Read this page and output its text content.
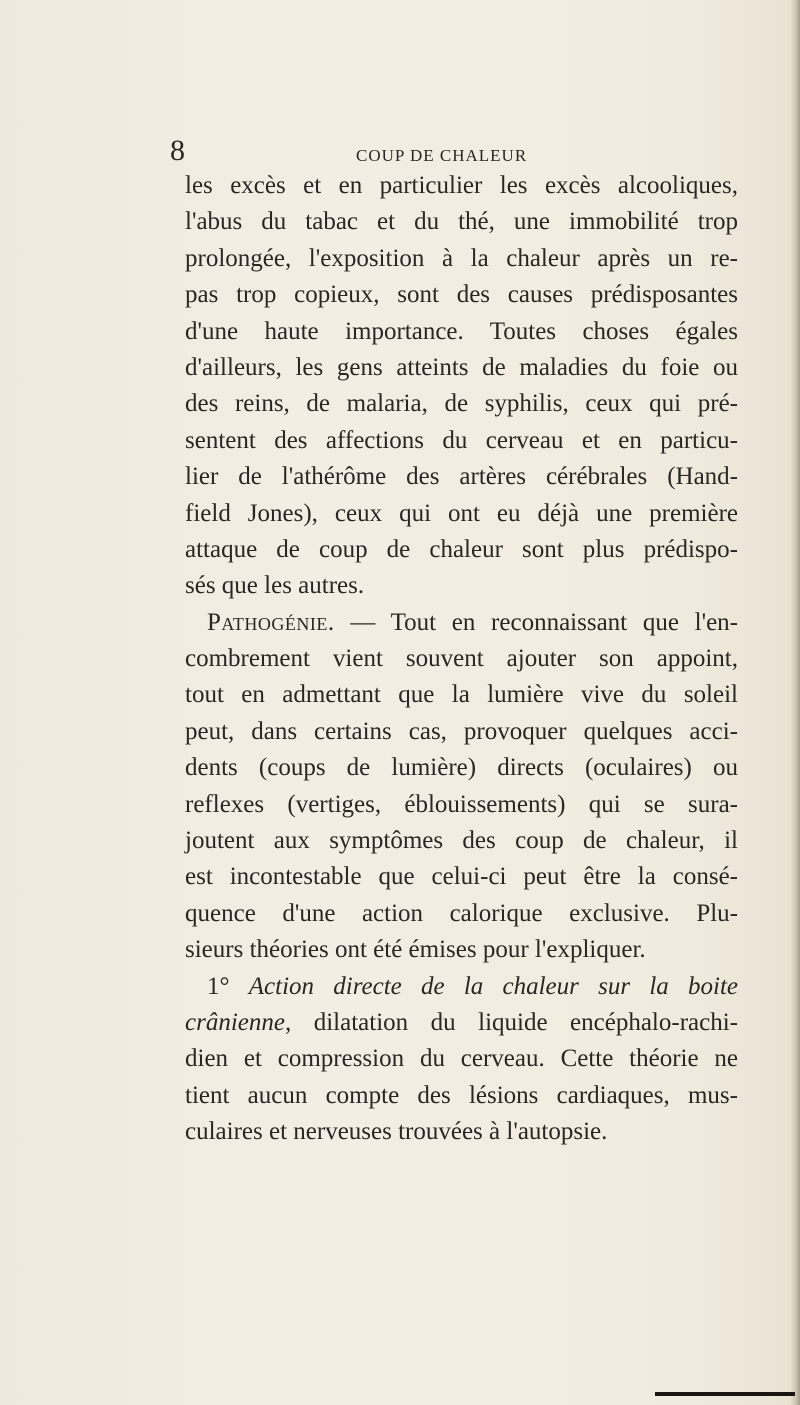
8	COUP DE CHALEUR
les excès et en particulier les excès alcooliques,
l'abus du tabac et du thé, une immobilité trop
prolongée, l'exposition à la chaleur après un re-
pas trop copieux, sont des causes prédisposantes
d'une haute importance. Toutes choses égales
d'ailleurs, les gens atteints de maladies du foie ou
des reins, de malaria, de syphilis, ceux qui pré-
sentent des affections du cerveau et en particu-
lier de l'athérôme des artères cérébrales (Hand-
field Jones), ceux qui ont eu déjà une première
attaque de coup de chaleur sont plus prédispo-
sés que les autres.
Pathogénie. — Tout en reconnaissant que l'en-
combrement vient souvent ajouter son appoint,
tout en admettant que la lumière vive du soleil
peut, dans certains cas, provoquer quelques acci-
dents (coups de lumière) directs (oculaires) ou
reflexes (vertiges, éblouissements) qui se sura-
joutent aux symptômes des coup de chaleur, il
est incontestable que celui-ci peut être la consé-
quence d'une action calorique exclusive. Plu-
sieurs théories ont été émises pour l'expliquer.
1° Action directe de la chaleur sur la boite
crânienne, dilatation du liquide encéphalo-rachi-
dien et compression du cerveau. Cette théorie ne
tient aucun compte des lésions cardiaques, mus-
culaires et nerveuses trouvées à l'autopsie.
